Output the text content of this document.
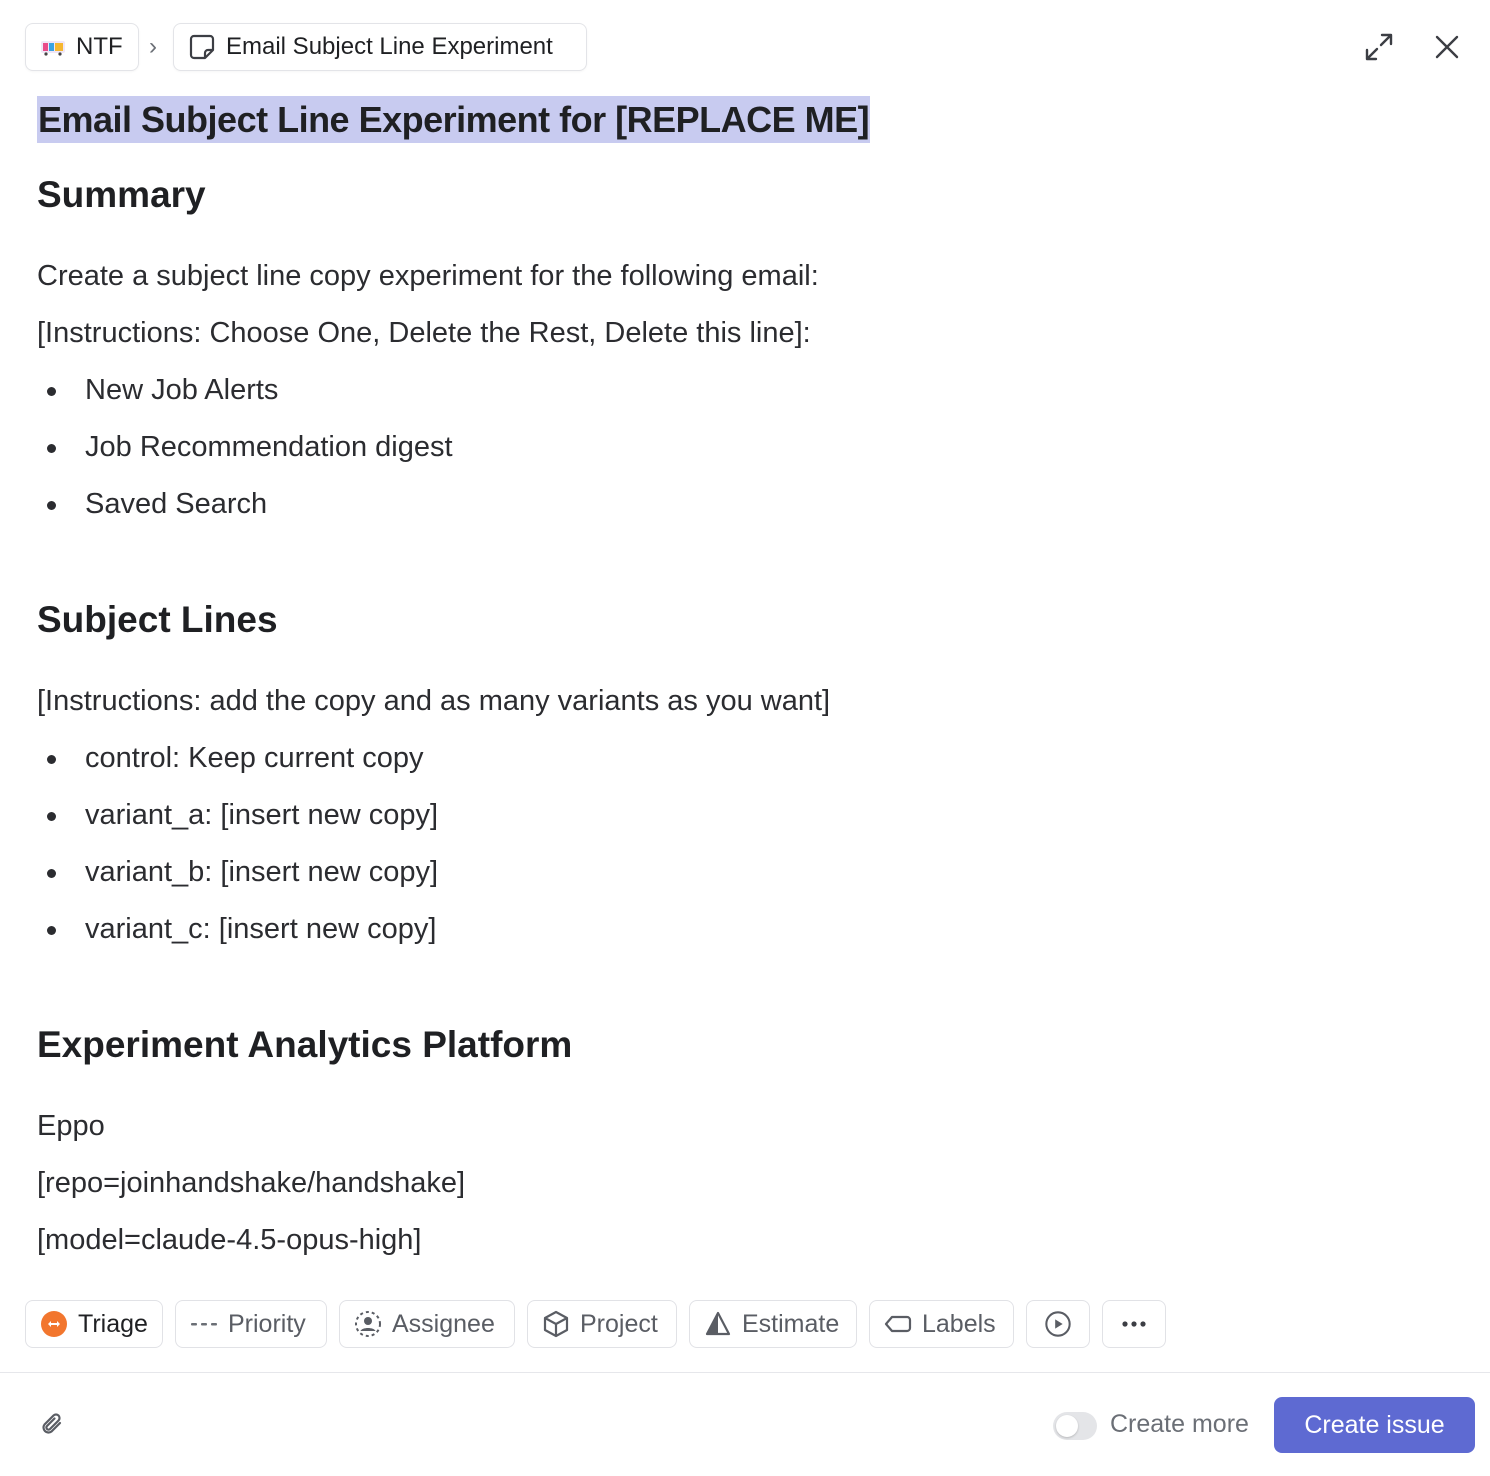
NTF ›	Email Subject Line Experiment
Email Subject Line Experiment for [REPLACE ME]
Summary
Create a subject line copy experiment for the following email:
[Instructions: Choose One, Delete the Rest, Delete this line]:
New Job Alerts
Job Recommendation digest
Saved Search
Subject Lines
[Instructions: add the copy and as many variants as you want]
control: Keep current copy
variant_a: [insert new copy]
variant_b: [insert new copy]
variant_c: [insert new copy]
Experiment Analytics Platform
Eppo
[repo=joinhandshake/handshake]
[model=claude-4.5-opus-high]
Triage	Priority	Assignee	Project	Estimate	Labels
Create more	Create issue
